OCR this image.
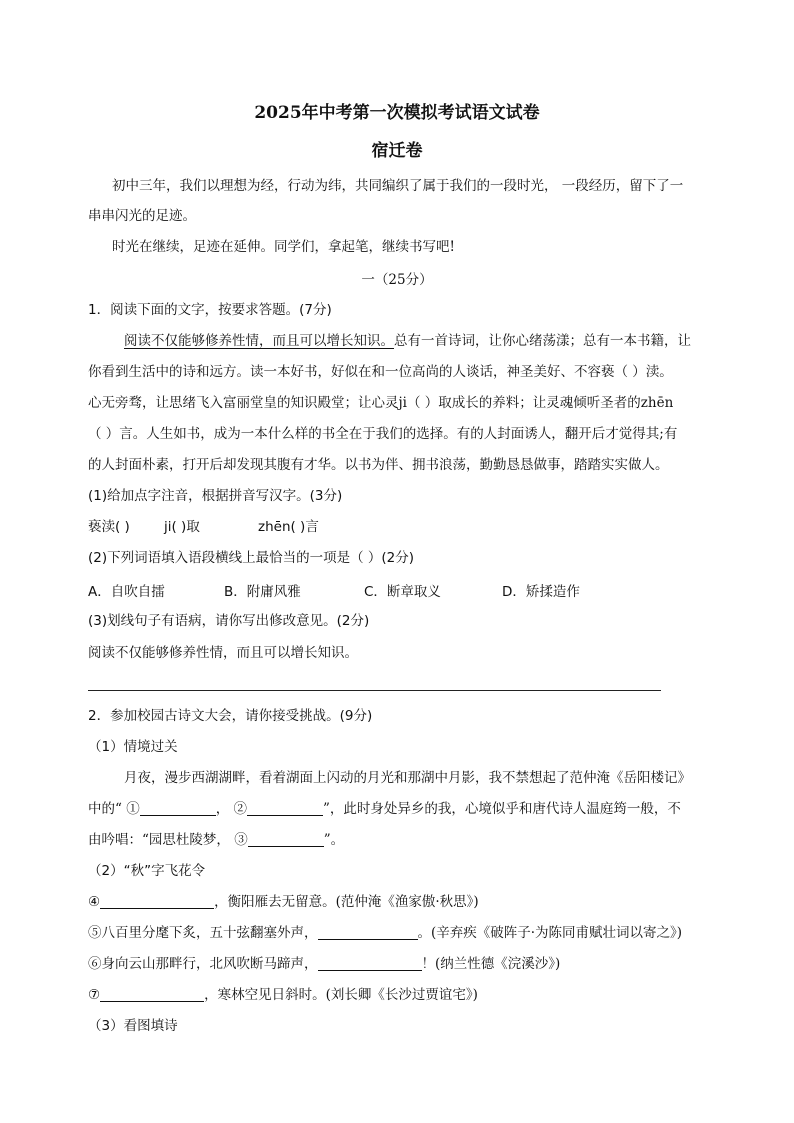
2025年中考第一次模拟考试语文试卷
宿迁卷
初中三年，我们以理想为经，行动为纬，共同编织了属于我们的一段时光， 一段经历，留下了一
串串闪光的足迹。
时光在继续，足迹在延伸。同学们，拿起笔，继续书写吧!
一（25分）
1．阅读下面的文字，按要求答题。(7分)
阅读不仅能够修养性情，而且可以增长知识。总有一首诗词，让你心绪荡漾；总有一本书籍，让
你看到生活中的诗和远方。读一本好书，好似在和一位高尚的人谈话，神圣美好、不容亵（ ）渎。
心无旁骛，让思绪飞入富丽堂皇的知识殿堂；让心灵ji（ ）取成长的养料；让灵魂倾听圣者的zhēn
（ ）言。人生如书，成为一本什么样的书全在于我们的选择。有的人封面诱人，翻开后才觉得其;有
的人封面朴素，打开后却发现其腹有才华。以书为伴、拥书浪荡，勤勤恳恳做事，踏踏实实做人。
(1)给加点字注音，根据拼音写汉字。(3分)
亵渎( )	ji( )取	zhēn( )言
(2)下列词语填入语段横线上最恰当的一项是（ ）(2分)
A．自吹自擂	B．附庸风雅	C．断章取义	D．矫揉造作
(3)划线句子有语病，请你写出修改意见。(2分)
阅读不仅能够修养性情，而且可以增长知识。
2．参加校园古诗文大会，请你接受挑战。(9分)
（1）情境过关
月夜，漫步西湖湖畔，看着湖面上闪动的月光和那湖中月影，我不禁想起了范仲淹《岳阳楼记》
中的“ ①	， ②	”，此时身处异乡的我，心境似乎和唐代诗人温庭筠一般，不
由吟唱：“园思杜陵梦， ③	”。
（2）“秋”字飞花令
④	，衡阳雁去无留意。(范仲淹《渔家傲·秋思》)
⑤八百里分麾下炙，五十弦翻塞外声，	。(辛弃疾《破阵子·为陈同甫赋壮词以寄之》)
⑥身向云山那畔行，北风吹断马蹄声，	！(纳兰性德《浣溪沙》)
⑦	，寒林空见日斜时。(刘长卿《长沙过贾谊宅》)
（3）看图填诗
